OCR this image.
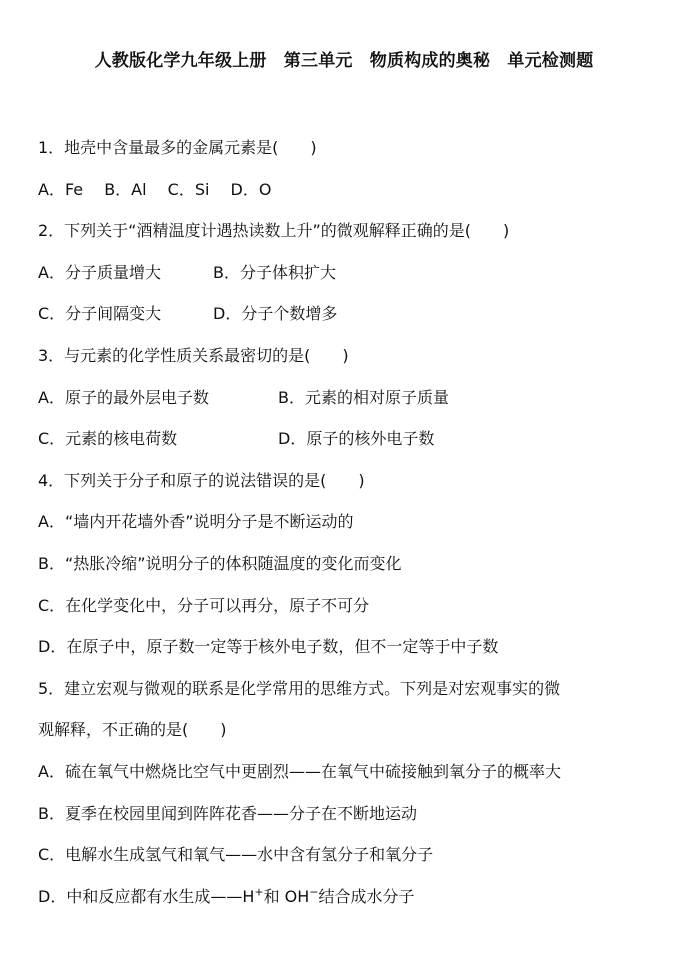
人教版化学九年级上册　第三单元　物质构成的奥秘　单元检测题
1．地壳中含量最多的金属元素是(　　)
A．Fe　 B．Al　 C．Si　 D．O
2．下列关于“酒精温度计遇热读数上升”的微观解释正确的是(　　)
A．分子质量增大	B．分子体积扩大
C．分子间隔变大	D．分子个数增多
3．与元素的化学性质关系最密切的是(　　)
A．原子的最外层电子数	B．元素的相对原子质量
C．元素的核电荷数	D．原子的核外电子数
4．下列关于分子和原子的说法错误的是(　　)
A．“墙内开花墙外香”说明分子是不断运动的
B．“热胀冷缩”说明分子的体积随温度的变化而变化
C．在化学变化中，分子可以再分，原子不可分
D．在原子中，原子数一定等于核外电子数，但不一定等于中子数
5．建立宏观与微观的联系是化学常用的思维方式。下列是对宏观事实的微
观解释，不正确的是(　　)
A．硫在氧气中燃烧比空气中更剧烈——在氧气中硫接触到氧分子的概率大
B．夏季在校园里闻到阵阵花香——分子在不断地运动
C．电解水生成氢气和氧气——水中含有氢分子和氧分子
D．中和反应都有水生成——H+和 OH−结合成水分子
